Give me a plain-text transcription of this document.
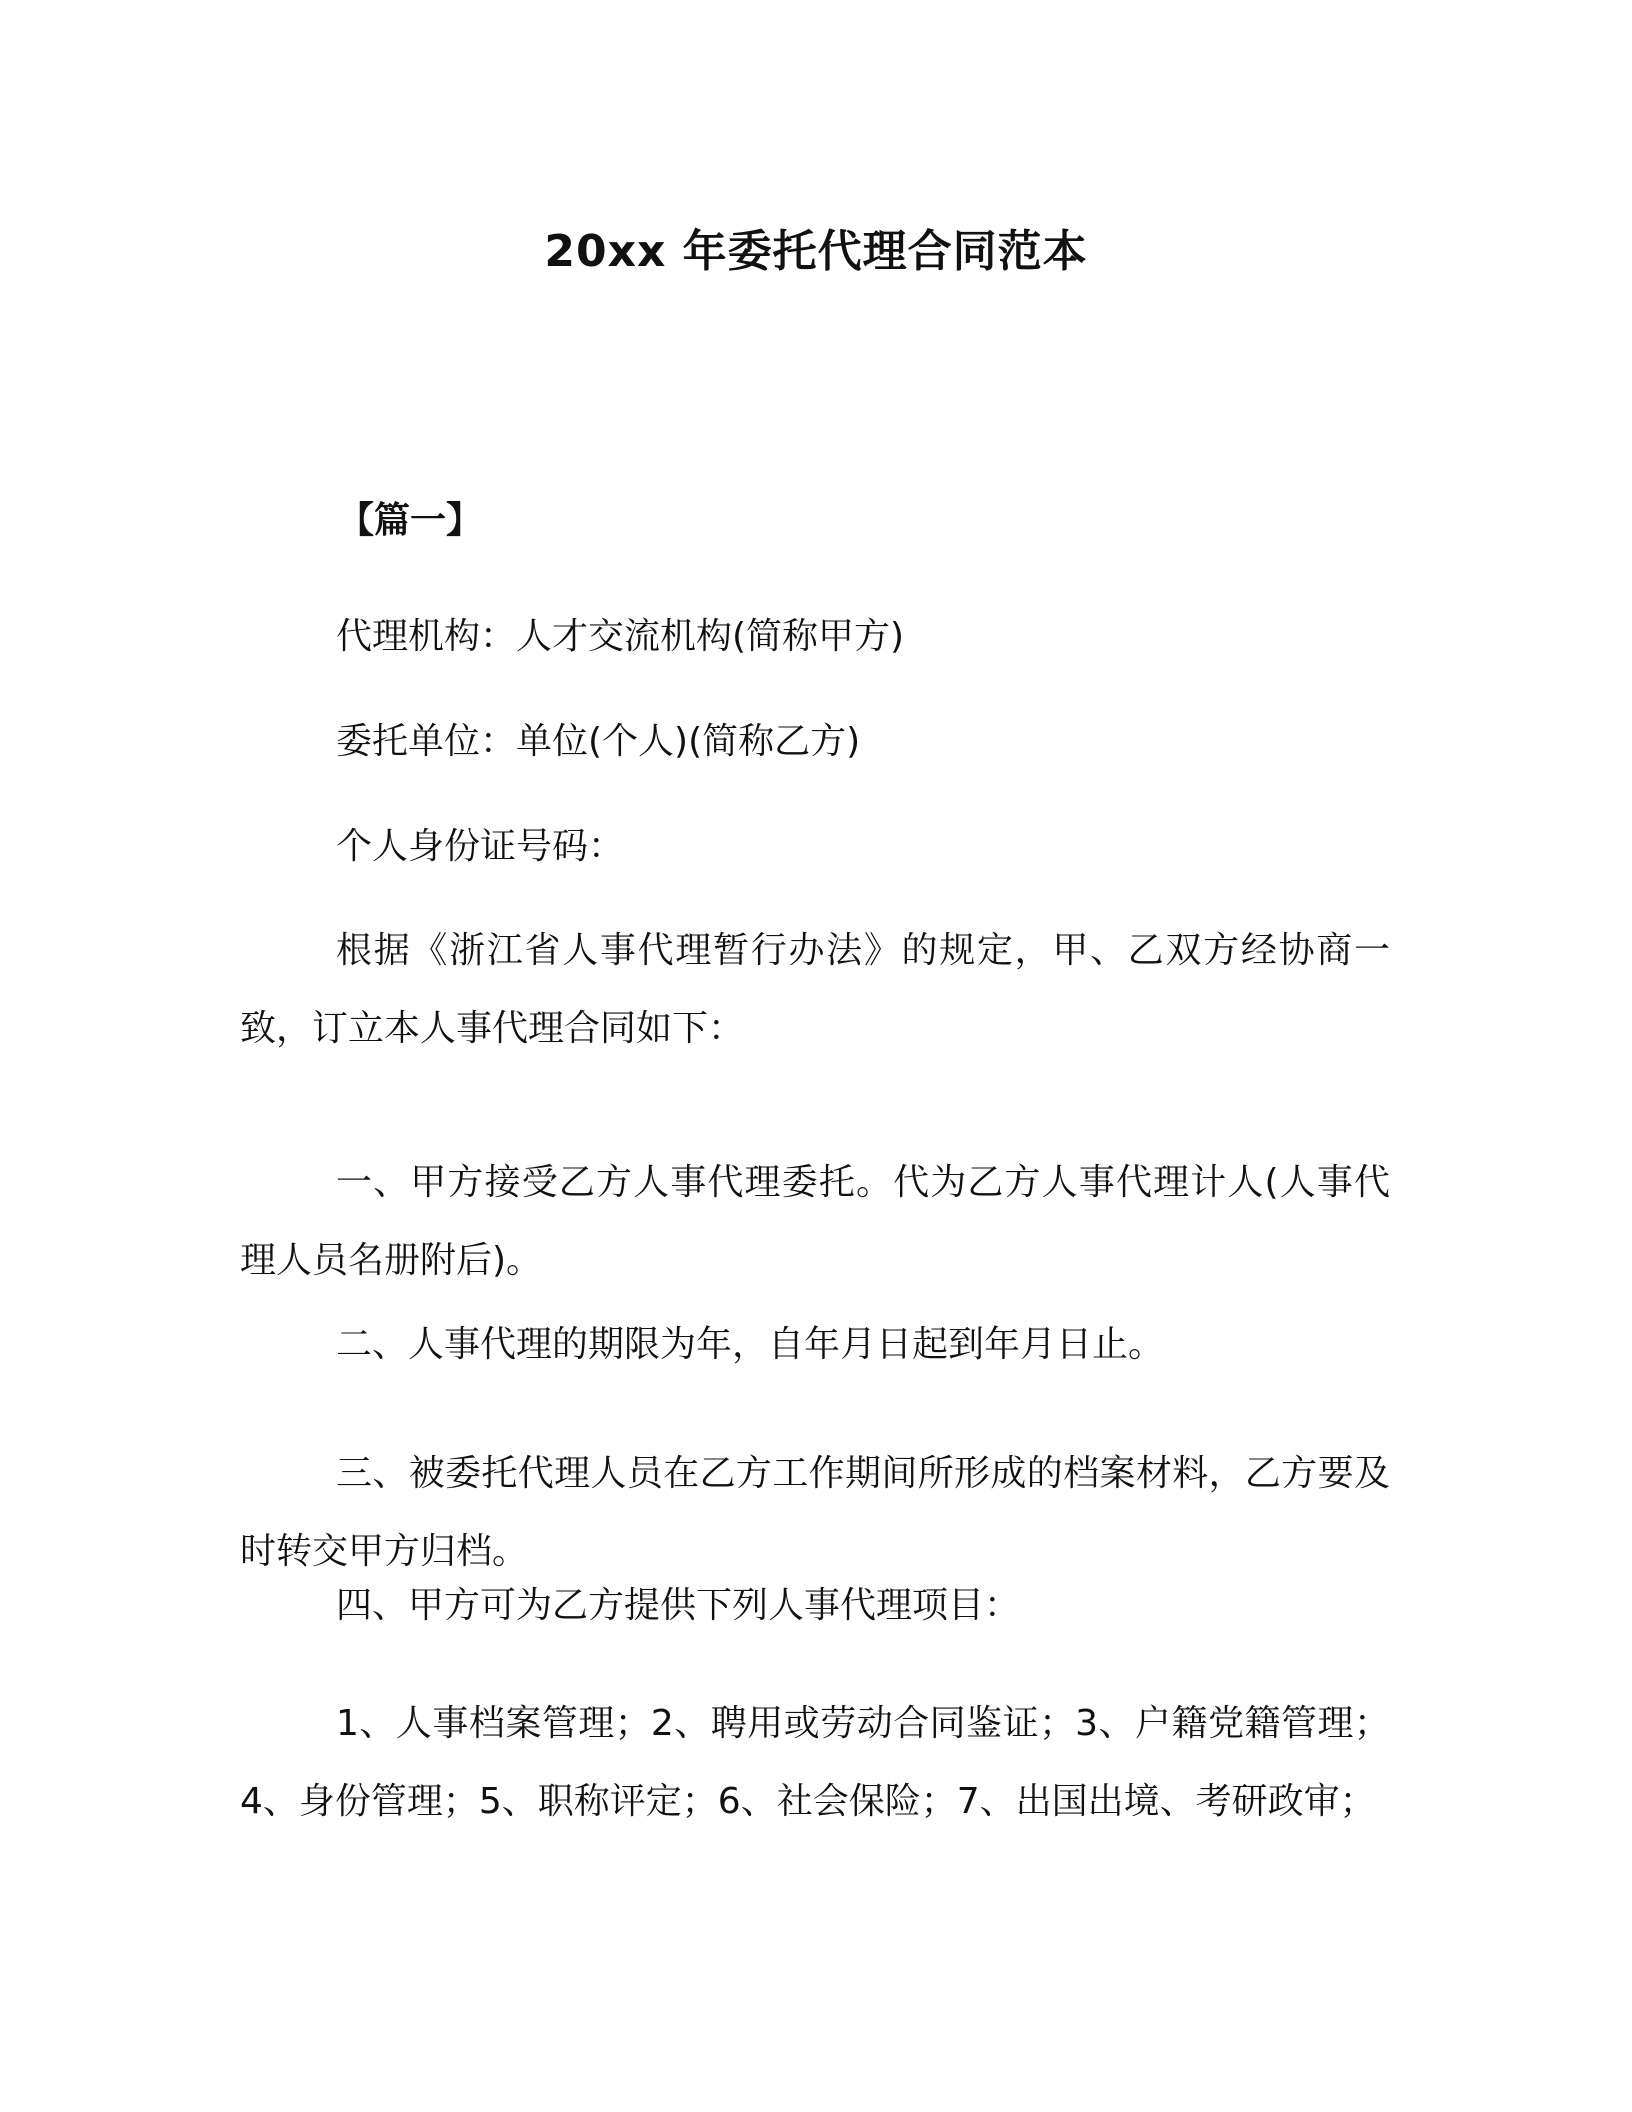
20xx 年委托代理合同范本
【篇一】

代理机构：人才交流机构(简称甲方)

委托单位：单位(个人)(简称乙方)

个人身份证号码：

根据《浙江省人事代理暂行办法》的规定，甲、乙双方经协商一致，订立本人事代理合同如下：

一、甲方接受乙方人事代理委托。代为乙方人事代理计人(人事代理人员名册附后)。

二、人事代理的期限为年，自年月日起到年月日止。

三、被委托代理人员在乙方工作期间所形成的档案材料，乙方要及时转交甲方归档。

四、甲方可为乙方提供下列人事代理项目：

1、人事档案管理；2、聘用或劳动合同鉴证；3、户籍党籍管理；4、身份管理；5、职称评定；6、社会保险；7、出国出境、考研政审；
